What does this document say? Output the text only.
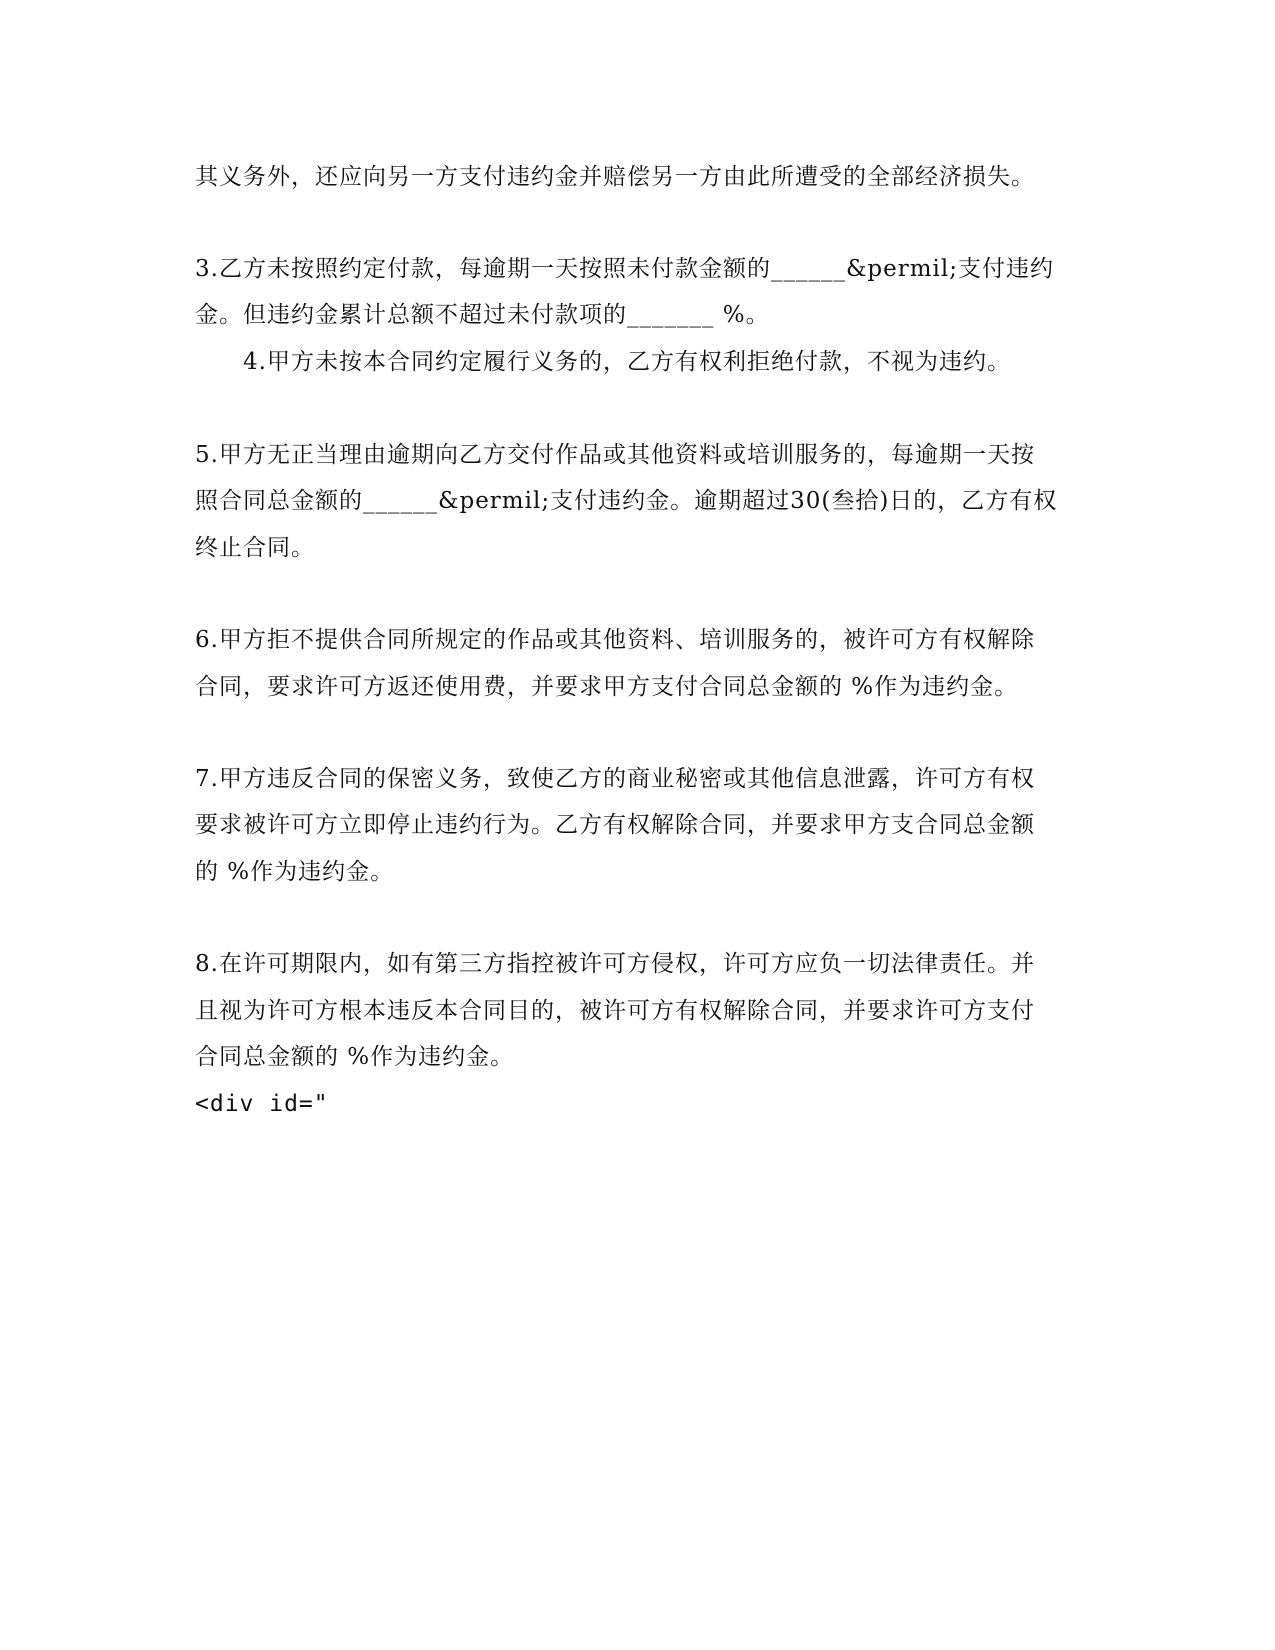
其义务外，还应向另一方支付违约金并赔偿另一方由此所遭受的全部经济损失。
3.乙方未按照约定付款，每逾期一天按照未付款金额的______&permil;支付违约
金。但违约金累计总额不超过未付款项的_______ %。
4.甲方未按本合同约定履行义务的，乙方有权利拒绝付款，不视为违约。
5.甲方无正当理由逾期向乙方交付作品或其他资料或培训服务的，每逾期一天按
照合同总金额的______&permil;支付违约金。逾期超过30(叁拾)日的，乙方有权
终止合同。
6.甲方拒不提供合同所规定的作品或其他资料、培训服务的，被许可方有权解除
合同，要求许可方返还使用费，并要求甲方支付合同总金额的 %作为违约金。
7.甲方违反合同的保密义务，致使乙方的商业秘密或其他信息泄露，许可方有权
要求被许可方立即停止违约行为。乙方有权解除合同，并要求甲方支合同总金额
的 %作为违约金。
8.在许可期限内，如有第三方指控被许可方侵权，许可方应负一切法律责任。并
且视为许可方根本违反本合同目的，被许可方有权解除合同，并要求许可方支付
合同总金额的 %作为违约金。
<div id="
